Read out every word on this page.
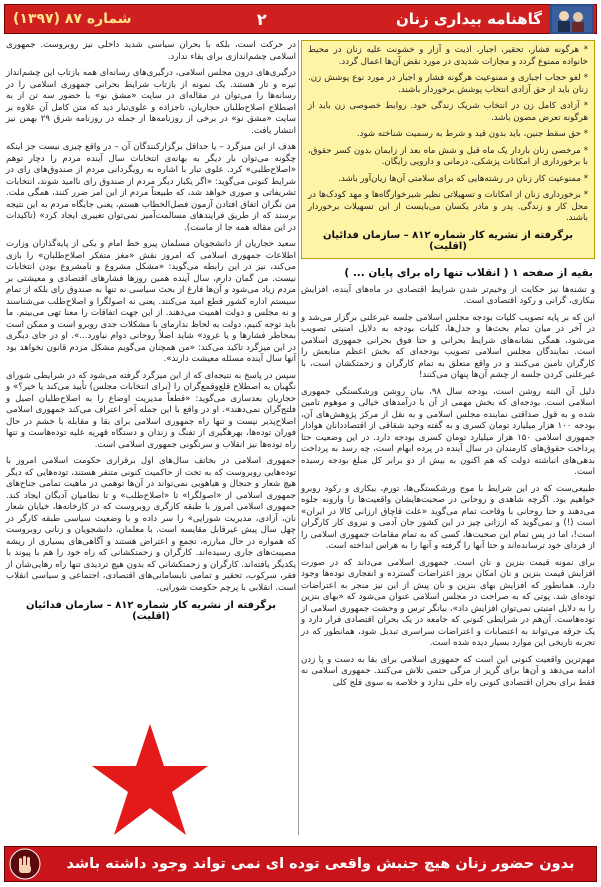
گاهنامه بیداری زنان
۲
شماره ۸۷ (۱۳۹۷)

* هرگونه فشار، تحقیر، اجبار، اذیت و آزار و خشونت علیه زنان در محیط خانواده ممنوع گردد و مجازات شدیدی در مورد نقض آن‌ها اعمال گردد.

* لغو حجاب اجباری و ممنوعیت هرگونه فشار و اجبار در مورد نوع پوشش زن. زنان باید از حق آزادی انتخاب پوشش برخوردار باشند.

* آزادی کامل زن در انتخاب شریک زندگی خود. روابط خصوصی زن باید از هرگونه تعرض مصون باشد.

* حق سقط جنین، باید بدون قید و شرط به رسمیت شناخته شود.

* مرخصی زنان باردار یک ماه قبل و شش ماه بعد از زایمان بدون کسر حقوق، با برخورداری از امکانات پزشکی، درمانی و دارویی رایگان.

* ممنوعیت کار زنان در رشته‌هایی که برای سلامتی آن‌ها زیان‌آور باشد.

* برخورداری زنان از امکانات و تسهیلاتی نظیر شیرخوارگاه‌ها و مهد کودک‌ها در محل کار و زندگی. پدر و مادر یکسان می‌بایست از این تسهیلات برخوردار باشند.

برگرفته از نشریه کار شماره ۸۱۲ – سازمان فدائیان (اقلیت)
بقیه از صفحه ۱ ( انقلاب تنها راه برای پایان ... )

و تشنه‌ها نیز حکایت از وخیم‌تر شدن شرایط اقتصادی در ماه‌های آینده، افزایش بیکاری، گرانی و رکود اقتصادی است.

این که بر پایه تصویب کلیات بودجه مجلس اسلامی جلسه غیرعلنی برگزار می‌شد و در آخر در میان تمام بحث‌ها و جدل‌ها، کلیات بودجه به دلایل امنیتی تصویب می‌شود، همگی نشانه‌های شرایط بحرانی و حتا فوق بحرانی جمهوری اسلامی است. نمایندگان مجلس اسلامی تصویب بودجه‌ای که بخش اعظم منابعش را کارگران تامین می‌کنند و در واقع متعلق به تمام کارگران و زحمتکشان است، با غیرعلنی کردن جلسه از چشم آن‌ها پنهان می‌کنند!

دلیل آن البته روشن است، بودجه سال ۹۸، بیان روشن ورشکستگی جمهوری اسلامی است. بودجه‌ای که بخش مهمی از آن با درآمدهای خیالی و موهوم تامین شده و به قول صداقتی نماینده مجلس اسلامی و به نقل از مرکز پژوهش‌های آن، بودجه ۱۰۰ هزار میلیارد تومان کسری و به گفته وحید شقاقی از اقتصاددانان هوادار جمهوری اسلامی ۱۵۰ هزار میلیارد تومان کسری بودجه دارد. در این وضعیت حتا پرداخت حقوق‌های کارمندان در سال آینده در پرده ابهام است، چه رسد به پرداخت بدهی‌های انباشته دولت که هم اکنون به بیش از دو برابر کل مبلغ بودجه رسیده است.

طبیعی‌ست که در این شرایط با موج ورشکستگی‌ها، تورم، بیکاری و رکود روبرو خواهیم بود. اگرچه شاهدی و روحانی در صحبت‌هایشان واقعیت‌ها را وارونه جلوه می‌دهند و حتا روحانی با وقاحت تمام می‌گوید «علت قاچاق ارزانی کالا در ایران» است (!) و نمی‌گوید که ارزانی چیز در این کشور جان آدمی و نیروی کار کارگران است!، اما در پس تمام این صحبت‌ها، کسی که به تمام مقامات جمهوری اسلامی را از فردای خود ترسانده‌اند و حتا آنها را گرفته و آنها را به هراس انداخته است.

برای نمونه قیمت بنزین و نان است. جمهوری اسلامی می‌داند که در صورت افزایش قیمت بنزین و نان امکان بروز اعتراضات گسترده و انفجاری توده‌ها وجود دارد. همانطور که افزایش بهای بنزین و نان پیش از این نیز منجر به اعتراضات توده‌ای شد. پوتی که به صراحت در مجلس اسلامی عنوان می‌شود که «بهای بنزین را به دلایل امنیتی نمی‌توان افزایش داد»، بیانگر ترس و وحشت جمهوری اسلامی از توده‌هاست. آن‌هم در شرایطی کنونی که جامعه در یک بحران اقتصادی فرار دارد و یک جرقه می‌تواند به اعتصابات و اعتراضات سراسری تبدیل شود، همانطور که در تجربه تاریخی این موارد بسیار دیده شده است.

مهم‌ترین واقعیت کنونی این است که جمهوری اسلامی برای بقا به دست و پا زدن ادامه می‌دهد و آن‌ها برای گریز از مرگی حتمی تلاش می‌کنند. جمهوری اسلامی نه فقط برای بحران اقتصادی کنونی راه حلی ندارد و خلاصه به سوی فلج کلی

در حرکت است، بلکه با بحران سیاسی شدید داخلی نیز روبروست. جمهوری اسلامی چشم‌اندازی برای بقاء ندارد.

درگیری‌های درون مجلس اسلامی، درگیری‌های رسانه‌ای همه بازتاب این چشم‌انداز تیره و تار هستند. یک نمونه از بازتاب شرایط بحرانی جمهوری اسلامی را در رسانه‌ها را می‌توان در مقاله‌ای در سایت «مشق نو» با حضور سه تن از به اصطلاح اصلاح‌طلبان حجاریان، تاجزاده و علوی‌تبار دید که متن کامل آن علاوه بر سایت «مشق نو» در برخی از روزنامه‌ها از جمله در روزنامه شرق ۲۹ بهمن نیز انتشار یافت.

هدف از این میزگرد – یا حداقل برگزارکنندگان آن – در واقع چیزی نیست جز اینکه چگونه می‌توان بار دیگر به بهانه‌ی انتخابات سال آینده مردم را دچار توهم «اصلاح‌طلبی» کرد. علوی تبار با اشاره به رویگردانی مردم از صندوق‌های رای در شرایط کنونی می‌گوید: «اگر یکبار دیگر مردم از صندوق رای ناامید شوند، انتخابات تشریفاتی و صوری خواهد شد، که طبیعتاً مردم از این امر ضرر کنند، همگی ملت. من نگران اتفاق افتادن آزمون فصل‌الخطاب هستم، یعنی جایگاه مردم به این نتیجه برسند که از طریق فرایندهای مسالمت‌آمیز نمی‌توان تغییری ایجاد کرد» (تاکیدات در این مقاله همه جا از ماست).

سعید حجاریان از دانشجویان مسلمان پیرو خط امام و یکی از پایه‌گذاران وزارت اطلاعات جمهوری اسلامی که امروز نقش «مغز متفکر اصلاح‌طلبان» را بازی می‌کند، نیز در این رابطه می‌گوید: «مشکل مشروع و نامشروع بودن انتخابات نیست. من گمان دارم، سال آینده همین روزها فشارهای اقتصادی و معیشتی بر مردم زیاد می‌شود و آن‌ها فارغ از بحث سیاسی نه تنها به صندوق رای بلکه از تمام سیستم اداره کشور قطع امید می‌کنند. یعنی نه اصولگرا و اصلاح‌طلب می‌شناسند و نه مجلس و دولت اهمیت می‌دهند. از این جهت اتفاقات را معنا تهی می‌بینم. ما باید توجه کنیم، دولت به لحاظ ندارمای با مشکلات جدی روبرو است و ممکن است بمحاطر فشارها و یا عرود» شاید اصلاً روحانی دوام نیاورد...». او در جای دیگری در این میزگرد تاکید می‌کند: «من همچنان می‌گویم مشکل مردم قانون نخواهد بود آنها سال آینده مسئله معیشت دارند».

سپس در پاسخ به نتیجه‌ای که از این میزگرد گرفته می‌شود که در شرایطی شورای نگهبان به اصطلاح قلع‌وقمع‌گران را (برای انتخابات مجلس) تأیید می‌کند یا خیر؟» و حجاریان بعدسازی می‌گوید: «قطعاً مدیریت اوضاع را به اصلاح‌طلبان اصیل و فلتج‌گران نمی‌دهند». او در واقع با این جمله آخر اعتراف می‌کند جمهوری اسلامی اصلاح‌پذیر نیست و تنها راه جمهوری اسلامی برای بقا و مقابله با خشم در حال فوران توده‌ها، بهرهگیری از تفنگ و زندان و دستگاه قهریه علیه توده‌هاست و تنها راه توده‌ها نیز انقلاب و سرنگونی جمهوری اسلامی است.

جمهوری اسلامی در بخاتف سال‌های اول برقراری حکومت اسلامی امروز با توده‌هایی روبروست که به تحت از حاکمیت کنونی متنفر هستند، توده‌هایی که دیگر هیچ شعار و جنجال و هیاهویی نمی‌تواند در آن‌ها توهمی در ماهیت تمامی جناح‌های جمهوری اسلامی از «اصولگرا» تا «اصلاح‌طلب» و تا نظامیان آدیگان ایجاد کند. جمهوری اسلامی امروز با طبقه کارگری روبروست که در کارخانه‌ها، خیابان شعار نان، آزادی، مدیریت شورایی» را سر داده و با وضعیت سیاسی طبقه کارگر در چهل سال پیش غیرقابل مقایسه است. با معلمان، دانشجویان و زنانی روبروست که همواره در حال مبارزه، تجمع و اعتراض هستند و آگاهی‌های بسیاری از ریشه مصیبت‌های جاری رسیده‌اند. کارگران و زحمتکشانی که راه خود را هم با پیوند با یکدیگر یافته‌اند. کارگران و زحمتکشانی که بدون هیچ تردیدی تنها راه رهایی‌شان از فقر، سرکوب، تحقیر و تمامی نابسامانی‌های اقتصادی، اجتماعی و سیاسی انقلاب است. انقلابی با پرچم حکومت شورایی.

برگرفته از نشریه کار شماره ۸۱۲ – سازمان فدائیان (اقلیت)
بدون حضور زنان هیچ جنبش واقعی توده ای نمی تواند وجود داشته باشد
